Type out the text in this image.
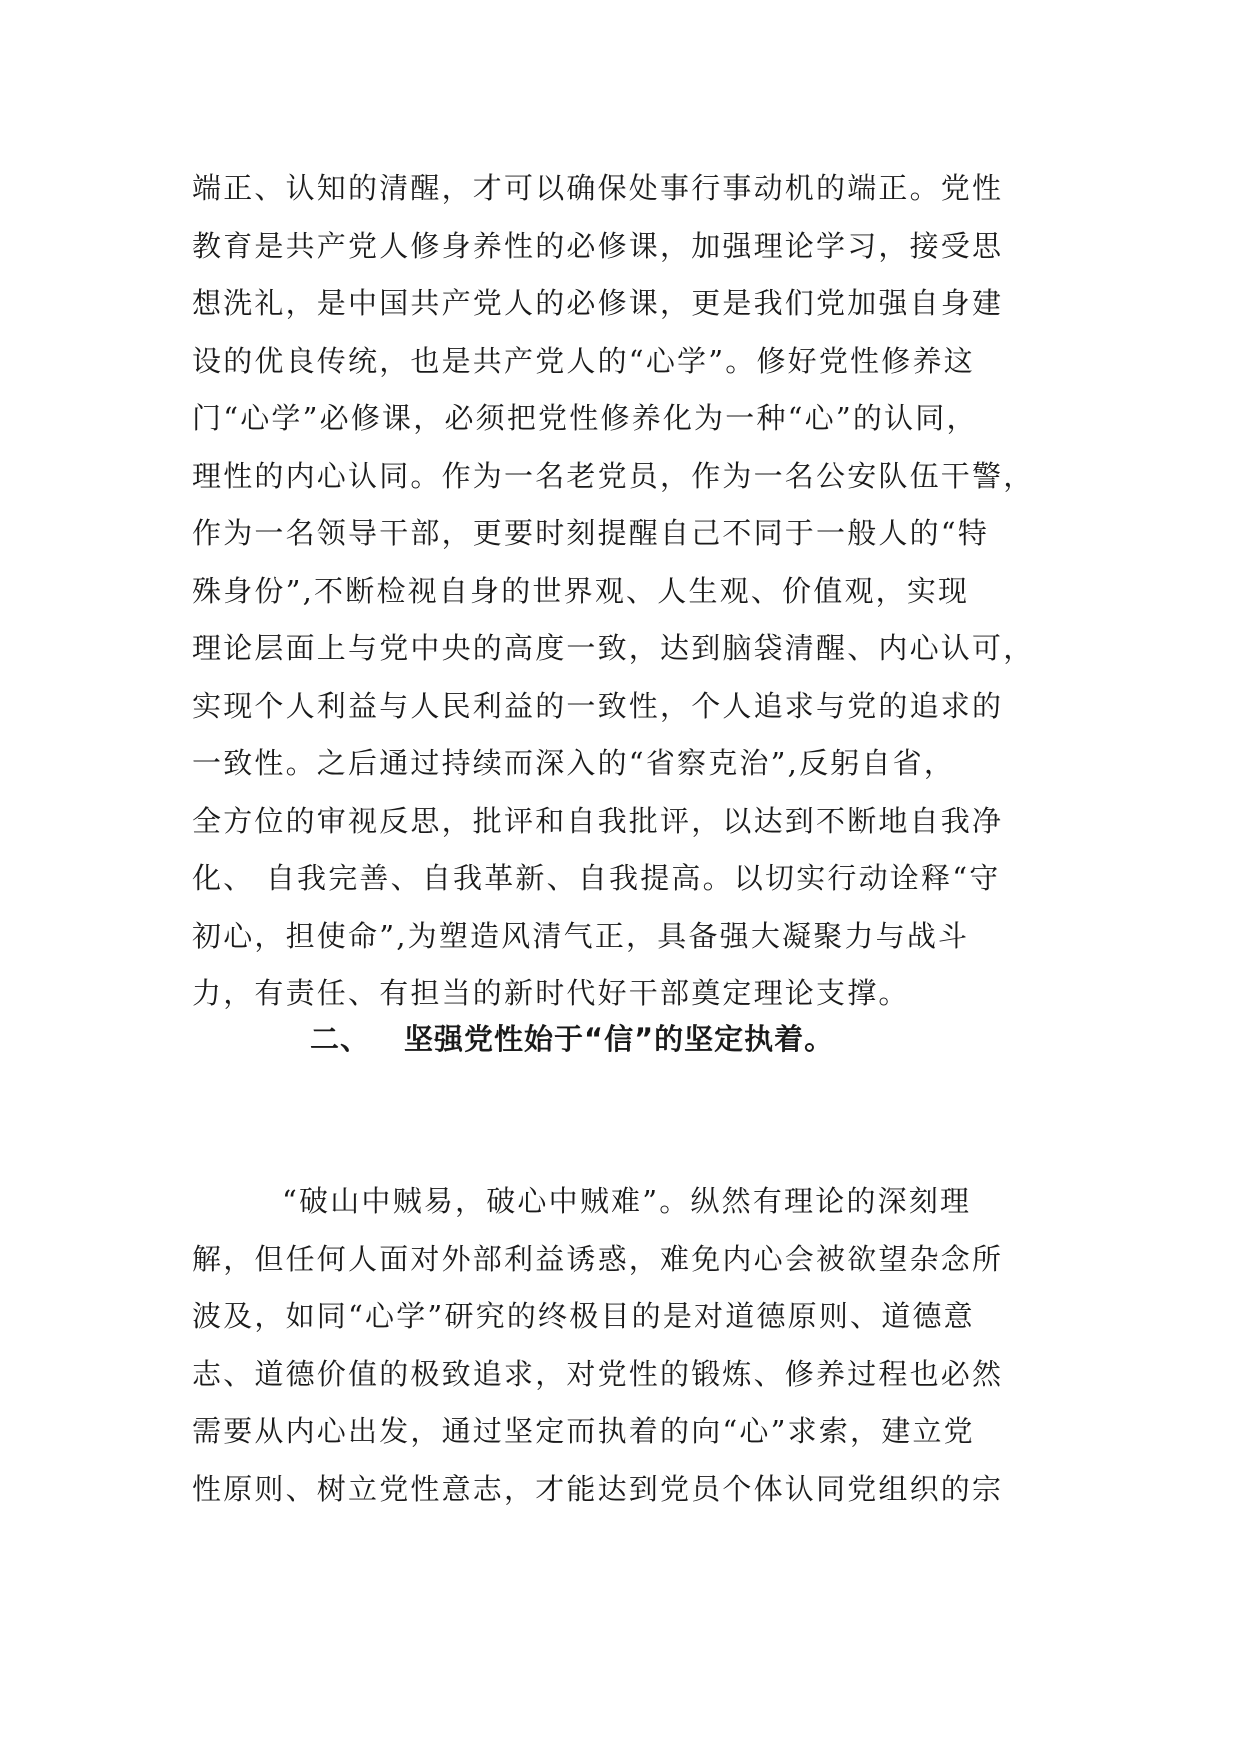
端正、认知的清醒，才可以确保处事行事动机的端正。党性
教育是共产党人修身养性的必修课，加强理论学习，接受思
想洗礼，是中国共产党人的必修课，更是我们党加强自身建
设的优良传统，也是共产党人的“心学”。修好党性修养这
门“心学”必修课，必须把党性修养化为一种“心”的认同，
理性的内心认同。作为一名老党员，作为一名公安队伍干警，
作为一名领导干部，更要时刻提醒自己不同于一般人的“特
殊身份”,不断检视自身的世界观、人生观、价值观，实现
理论层面上与党中央的高度一致，达到脑袋清醒、内心认可，
实现个人利益与人民利益的一致性，个人追求与党的追求的
一致性。之后通过持续而深入的“省察克治”,反躬自省，
全方位的审视反思，批评和自我批评，以达到不断地自我净
化、 自我完善、自我革新、自我提高。以切实行动诠释“守
初心，担使命”,为塑造风清气正，具备强大凝聚力与战斗
力，有责任、有担当的新时代好干部奠定理论支撑。
二、 坚强党性始于“信”的坚定执着。
“破山中贼易，破心中贼难”。纵然有理论的深刻理
解，但任何人面对外部利益诱惑，难免内心会被欲望杂念所
波及，如同“心学”研究的终极目的是对道德原则、道德意
志、道德价值的极致追求，对党性的锻炼、修养过程也必然
需要从内心出发，通过坚定而执着的向“心”求索，建立党
性原则、树立党性意志，才能达到党员个体认同党组织的宗
